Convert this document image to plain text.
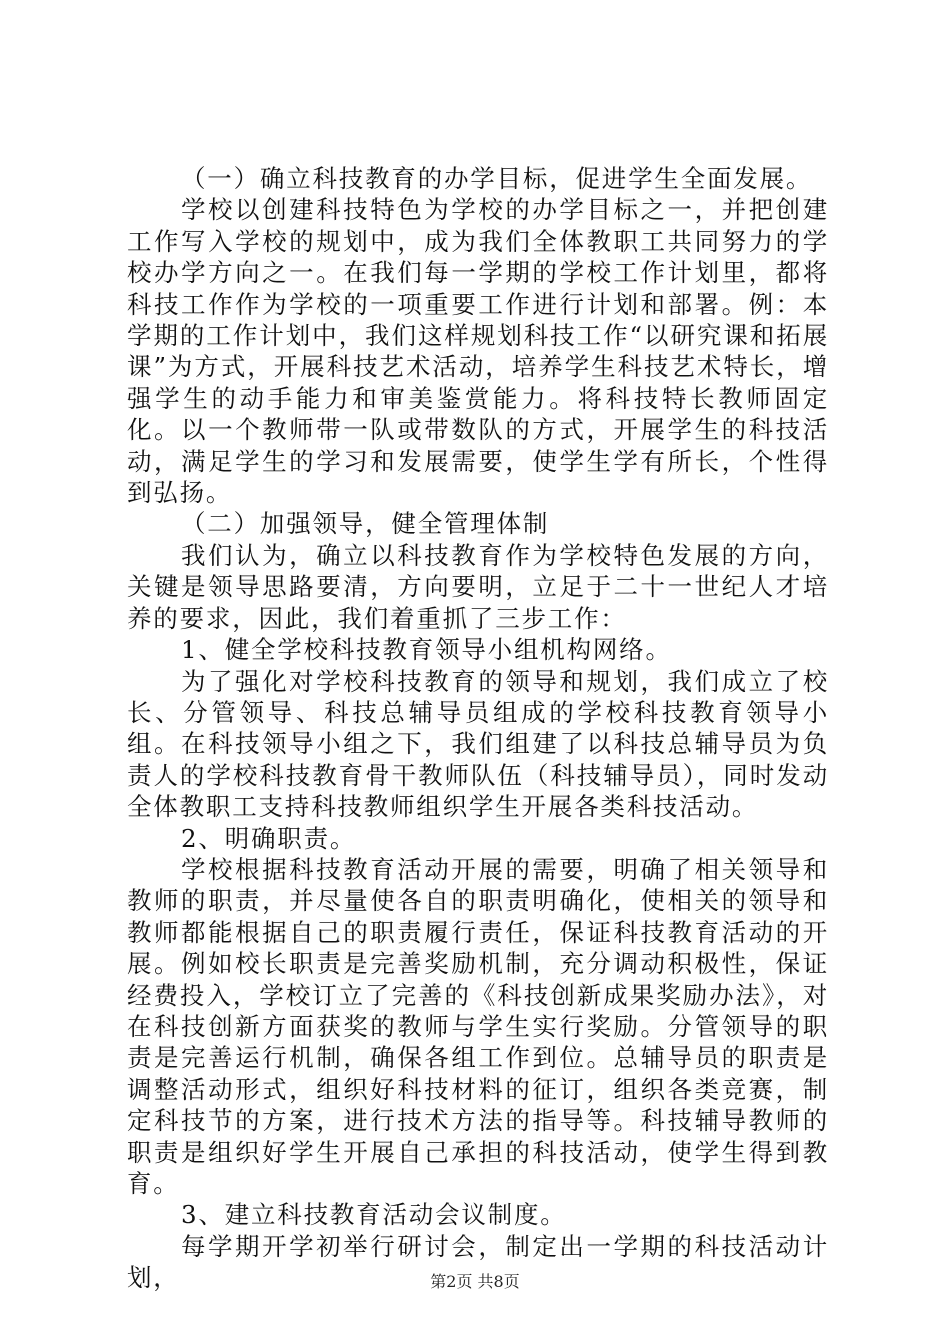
（一）确立科技教育的办学目标，促进学生全面发展。

学校以创建科技特色为学校的办学目标之一，并把创建工作写入学校的规划中，成为我们全体教职工共同努力的学校办学方向之一。在我们每一学期的学校工作计划里，都将科技工作作为学校的一项重要工作进行计划和部署。例：本学期的工作计划中，我们这样规划科技工作“以研究课和拓展课”为方式，开展科技艺术活动，培养学生科技艺术特长，增强学生的动手能力和审美鉴赏能力。将科技特长教师固定化。以一个教师带一队或带数队的方式，开展学生的科技活动，满足学生的学习和发展需要，使学生学有所长，个性得到弘扬。

（二）加强领导，健全管理体制

我们认为，确立以科技教育作为学校特色发展的方向，关键是领导思路要清，方向要明，立足于二十一世纪人才培养的要求，因此，我们着重抓了三步工作：

1、健全学校科技教育领导小组机构网络。

为了强化对学校科技教育的领导和规划，我们成立了校长、分管领导、科技总辅导员组成的学校科技教育领导小组。在科技领导小组之下，我们组建了以科技总辅导员为负责人的学校科技教育骨干教师队伍（科技辅导员），同时发动全体教职工支持科技教师组织学生开展各类科技活动。

2、明确职责。

学校根据科技教育活动开展的需要，明确了相关领导和教师的职责，并尽量使各自的职责明确化，使相关的领导和教师都能根据自己的职责履行责任，保证科技教育活动的开展。例如校长职责是完善奖励机制，充分调动积极性，保证经费投入，学校订立了完善的《科技创新成果奖励办法》，对在科技创新方面获奖的教师与学生实行奖励。分管领导的职责是完善运行机制，确保各组工作到位。总辅导员的职责是调整活动形式，组织好科技材料的征订，组织各类竞赛，制定科技节的方案，进行技术方法的指导等。科技辅导教师的职责是组织好学生开展自己承担的科技活动，使学生得到教育。

3、建立科技教育活动会议制度。

每学期开学初举行研讨会，制定出一学期的科技活动计划，	第2页 共8页
